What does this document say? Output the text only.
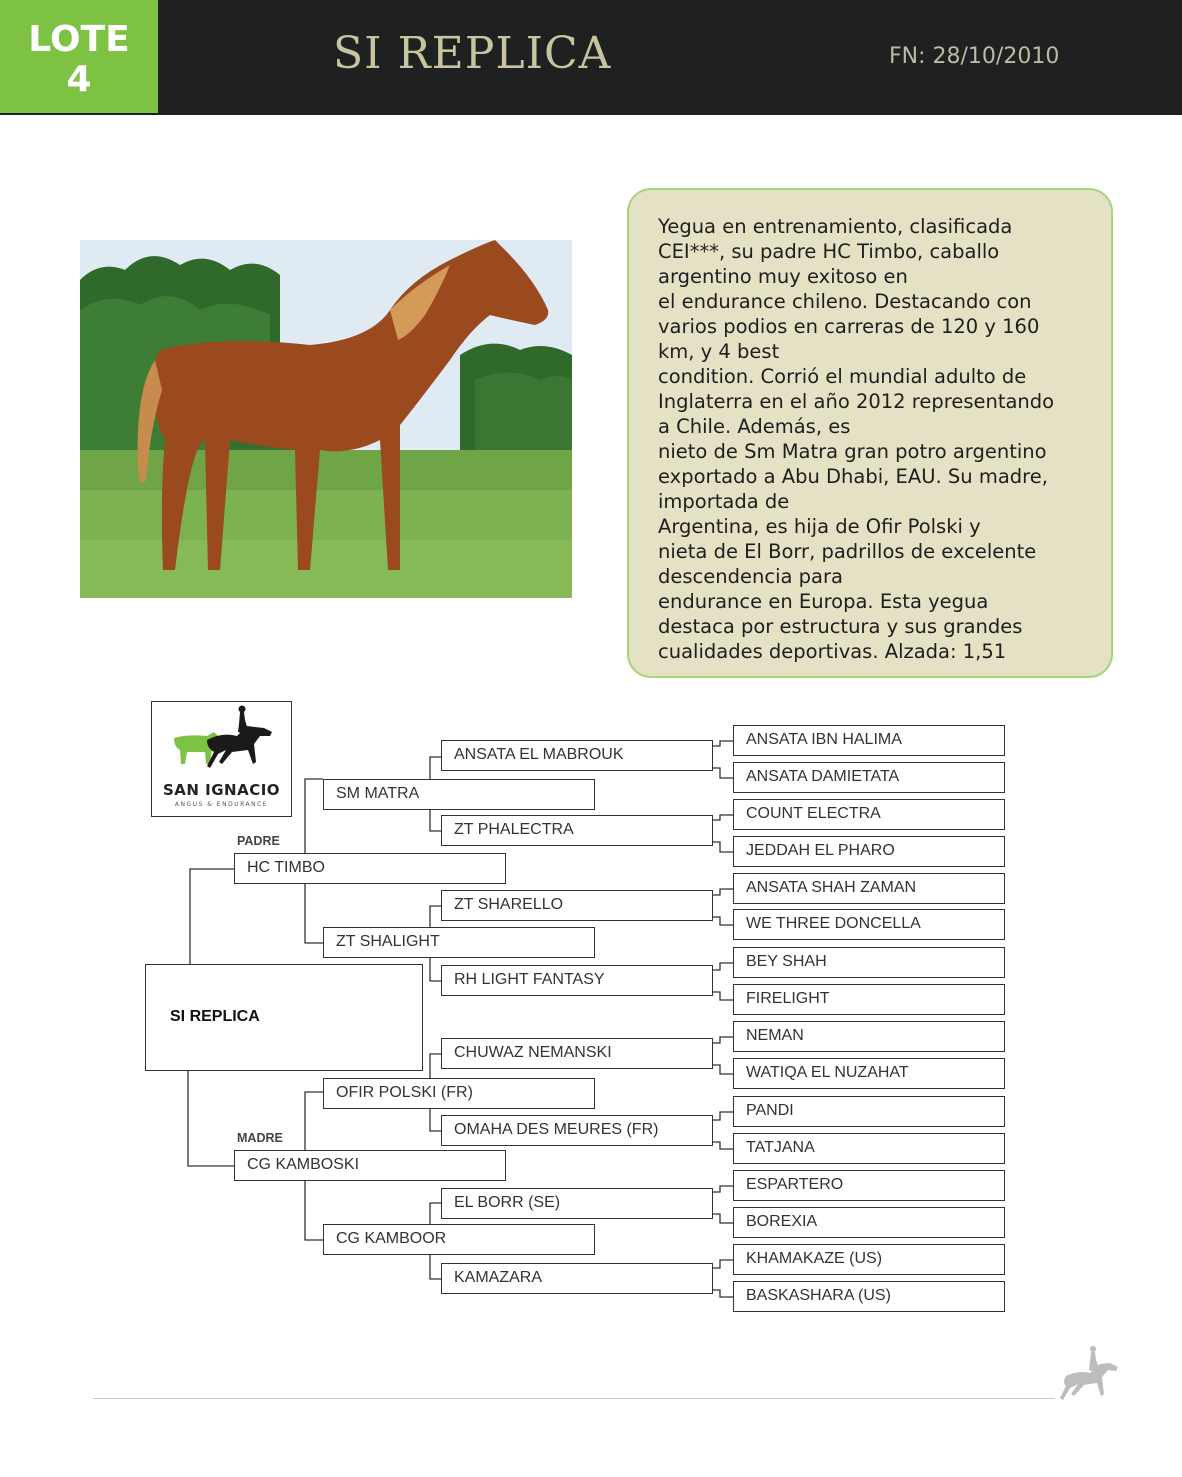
LOTE
4
SI REPLICA	FN: 28/10/2010
Yegua en entrenamiento, clasificada
CEI***, su padre HC Timbo, caballo
argentino muy exitoso en
el endurance chileno. Destacando con
varios podios en carreras de 120 y 160
km, y 4 best
condition. Corrió el mundial adulto de
Inglaterra en el año 2012 representando
a Chile. Además, es
nieto de Sm Matra gran potro argentino
exportado a Abu Dhabi, EAU. Su madre,
importada de
Argentina, es hija de Ofir Polski y
nieta de El Borr, padrillos de excelente
descendencia para
endurance en Europa. Esta yegua
destaca por estructura y sus grandes
cualidades deportivas. Alzada: 1,51
SAN IGNACIO
ANGUS & ENDURANCE
PADRE
MADRE
SI REPLICA
HC TIMBO
CG KAMBOSKI
SM MATRA
ZT SHALIGHT
OFIR POLSKI (FR)
CG KAMBOOR
ANSATA EL MABROUK
ZT PHALECTRA
ZT SHARELLO
RH LIGHT FANTASY
CHUWAZ NEMANSKI
OMAHA DES MEURES (FR)
EL BORR (SE)
KAMAZARA
ANSATA IBN HALIMA
ANSATA DAMIETATA
COUNT ELECTRA
JEDDAH EL PHARO
ANSATA SHAH ZAMAN
WE THREE DONCELLA
BEY SHAH
FIRELIGHT
NEMAN
WATIQA EL NUZAHAT
PANDI
TATJANA
ESPARTERO
BOREXIA
KHAMAKAZE (US)
BASKASHARA (US)
